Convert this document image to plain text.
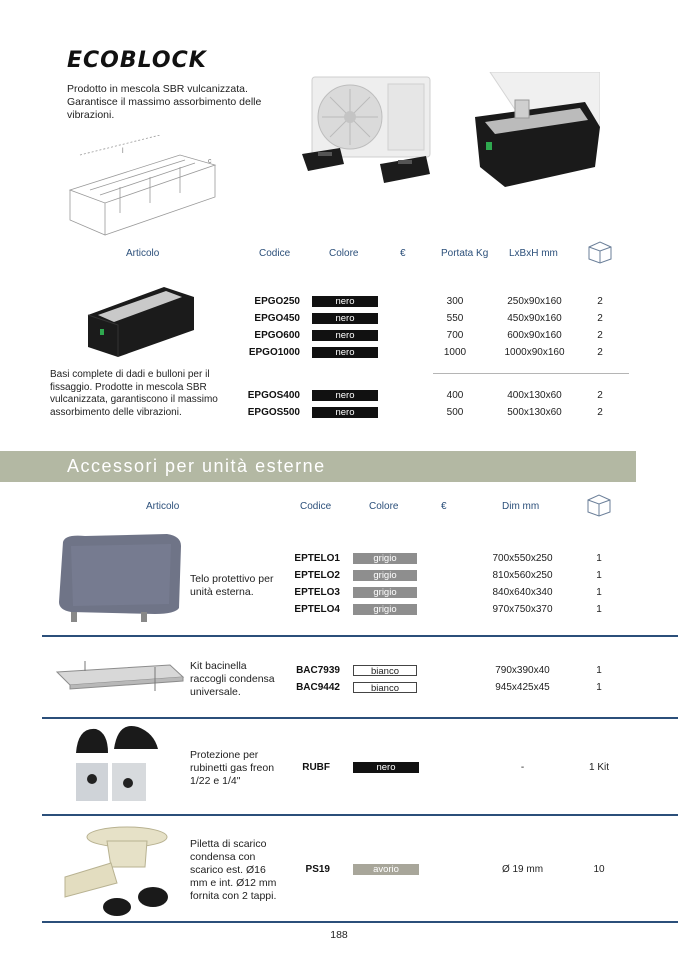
ECOBLOCK
Prodotto in mescola SBR vulcanizzata. Garantisce il massimo assorbimento delle vibrazioni.
l
c
Articolo	Codice	Colore	€	Portata Kg LxBxH mm
EPGO250	nero	300	250x90x160	2
EPGO450	nero	550	450x90x160	2
EPGO600	nero	700	600x90x160	2
EPGO1000	nero	1000	1000x90x160	2
EPGOS400	nero	400	400x130x60	2
EPGOS500	nero	500	500x130x60	2
Basi complete di dadi e bulloni per il fissaggio. Prodotte in mescola SBR vulcanizzata, garantiscono il massimo assorbimento delle vibrazioni.
Accessori per unità esterne
Articolo	Codice	Colore	€	Dim mm
Telo protettivo per unità esterna.
EPTELO1	grigio	700x550x250	1
EPTELO2	grigio	810x560x250	1
EPTELO3	grigio	840x640x340	1
EPTELO4	grigio	970x750x370	1
Kit bacinella raccogli condensa universale.
BAC7939	bianco	790x390x40	1
BAC9442	bianco	945x425x45	1
Protezione per rubinetti gas freon 1/22 e 1/4"
RUBF	nero	-	1 Kit
Piletta di scarico condensa con scarico est. Ø16 mm e int. Ø12 mm fornita con 2 tappi.
PS19	avorio	Ø 19 mm	10
188
